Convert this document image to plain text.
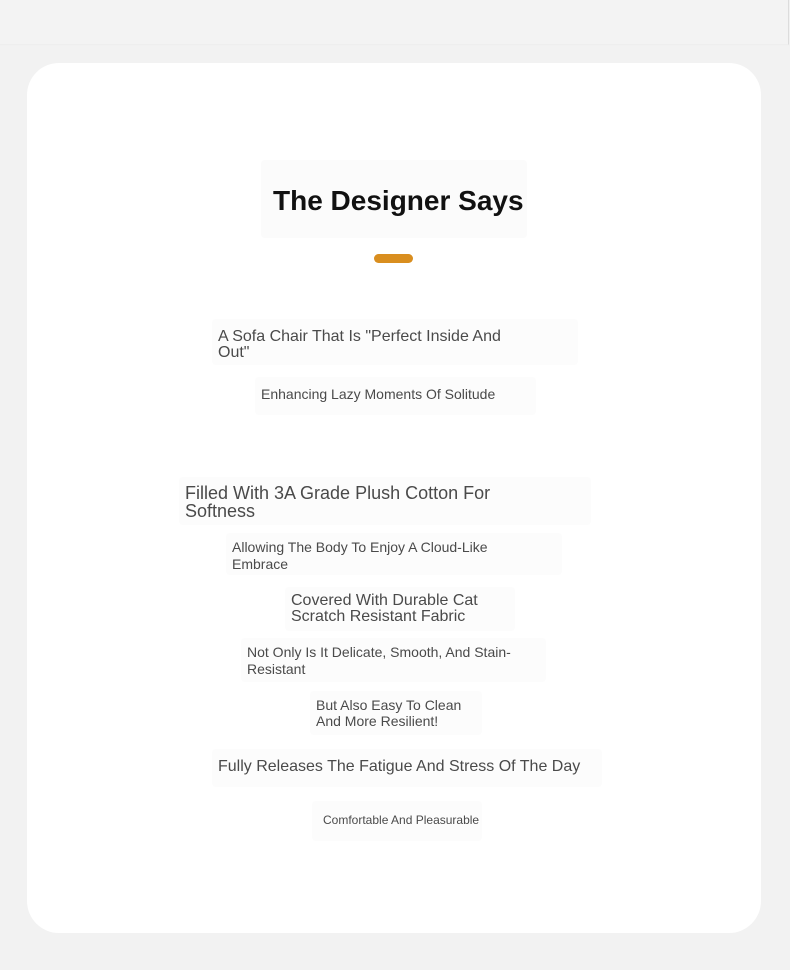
The Designer Says
A Sofa Chair That Is "Perfect Inside And Out"
Enhancing Lazy Moments Of Solitude
Filled With 3A Grade Plush Cotton For Softness
Allowing The Body To Enjoy A Cloud-Like Embrace
Covered With Durable Cat Scratch Resistant Fabric
Not Only Is It Delicate, Smooth, And Stain-Resistant
But Also Easy To Clean And More Resilient!
Fully Releases The Fatigue And Stress Of The Day
Comfortable And Pleasurable
